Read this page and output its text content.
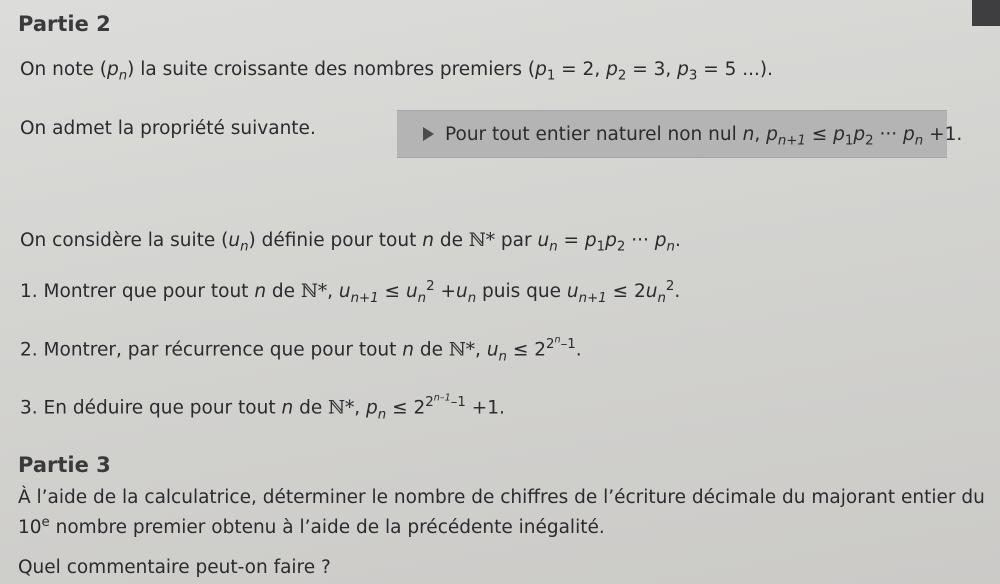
Partie 2
On note $(p_n)$ la suite croissante des nombres premiers ($p_1 = 2$, $p_2 = 3$, $p_3 = 5$ ...).
On admet la propriété suivante.	Pour tout entier naturel non nul n, $p_{n+1} \le p_1p_2$ ··· $p_n +1$.
On considère la suite $(u_n)$ définie pour tout n de ℕ* par $u_n = p_1p_2$ ··· $p_n$.
1. Montrer que pour tout n de ℕ*, $u_{n+1} \le u_n^2 +u_n$ puis que $u_{n+1} \le 2u_n^2$.
2. Montrer, par récurrence que pour tout n de ℕ*, $u_n \le 2^{2^n-1}$.
3. En déduire que pour tout n de ℕ*, $p_n \le 2^{2^{n-1}-1} +1$.
Partie 3
À l’aide de la calculatrice, déterminer le nombre de chiffres de l’écriture décimale du majorant entier du
10e nombre premier obtenu à l’aide de la précédente inégalité.
Quel commentaire peut-on faire ?
